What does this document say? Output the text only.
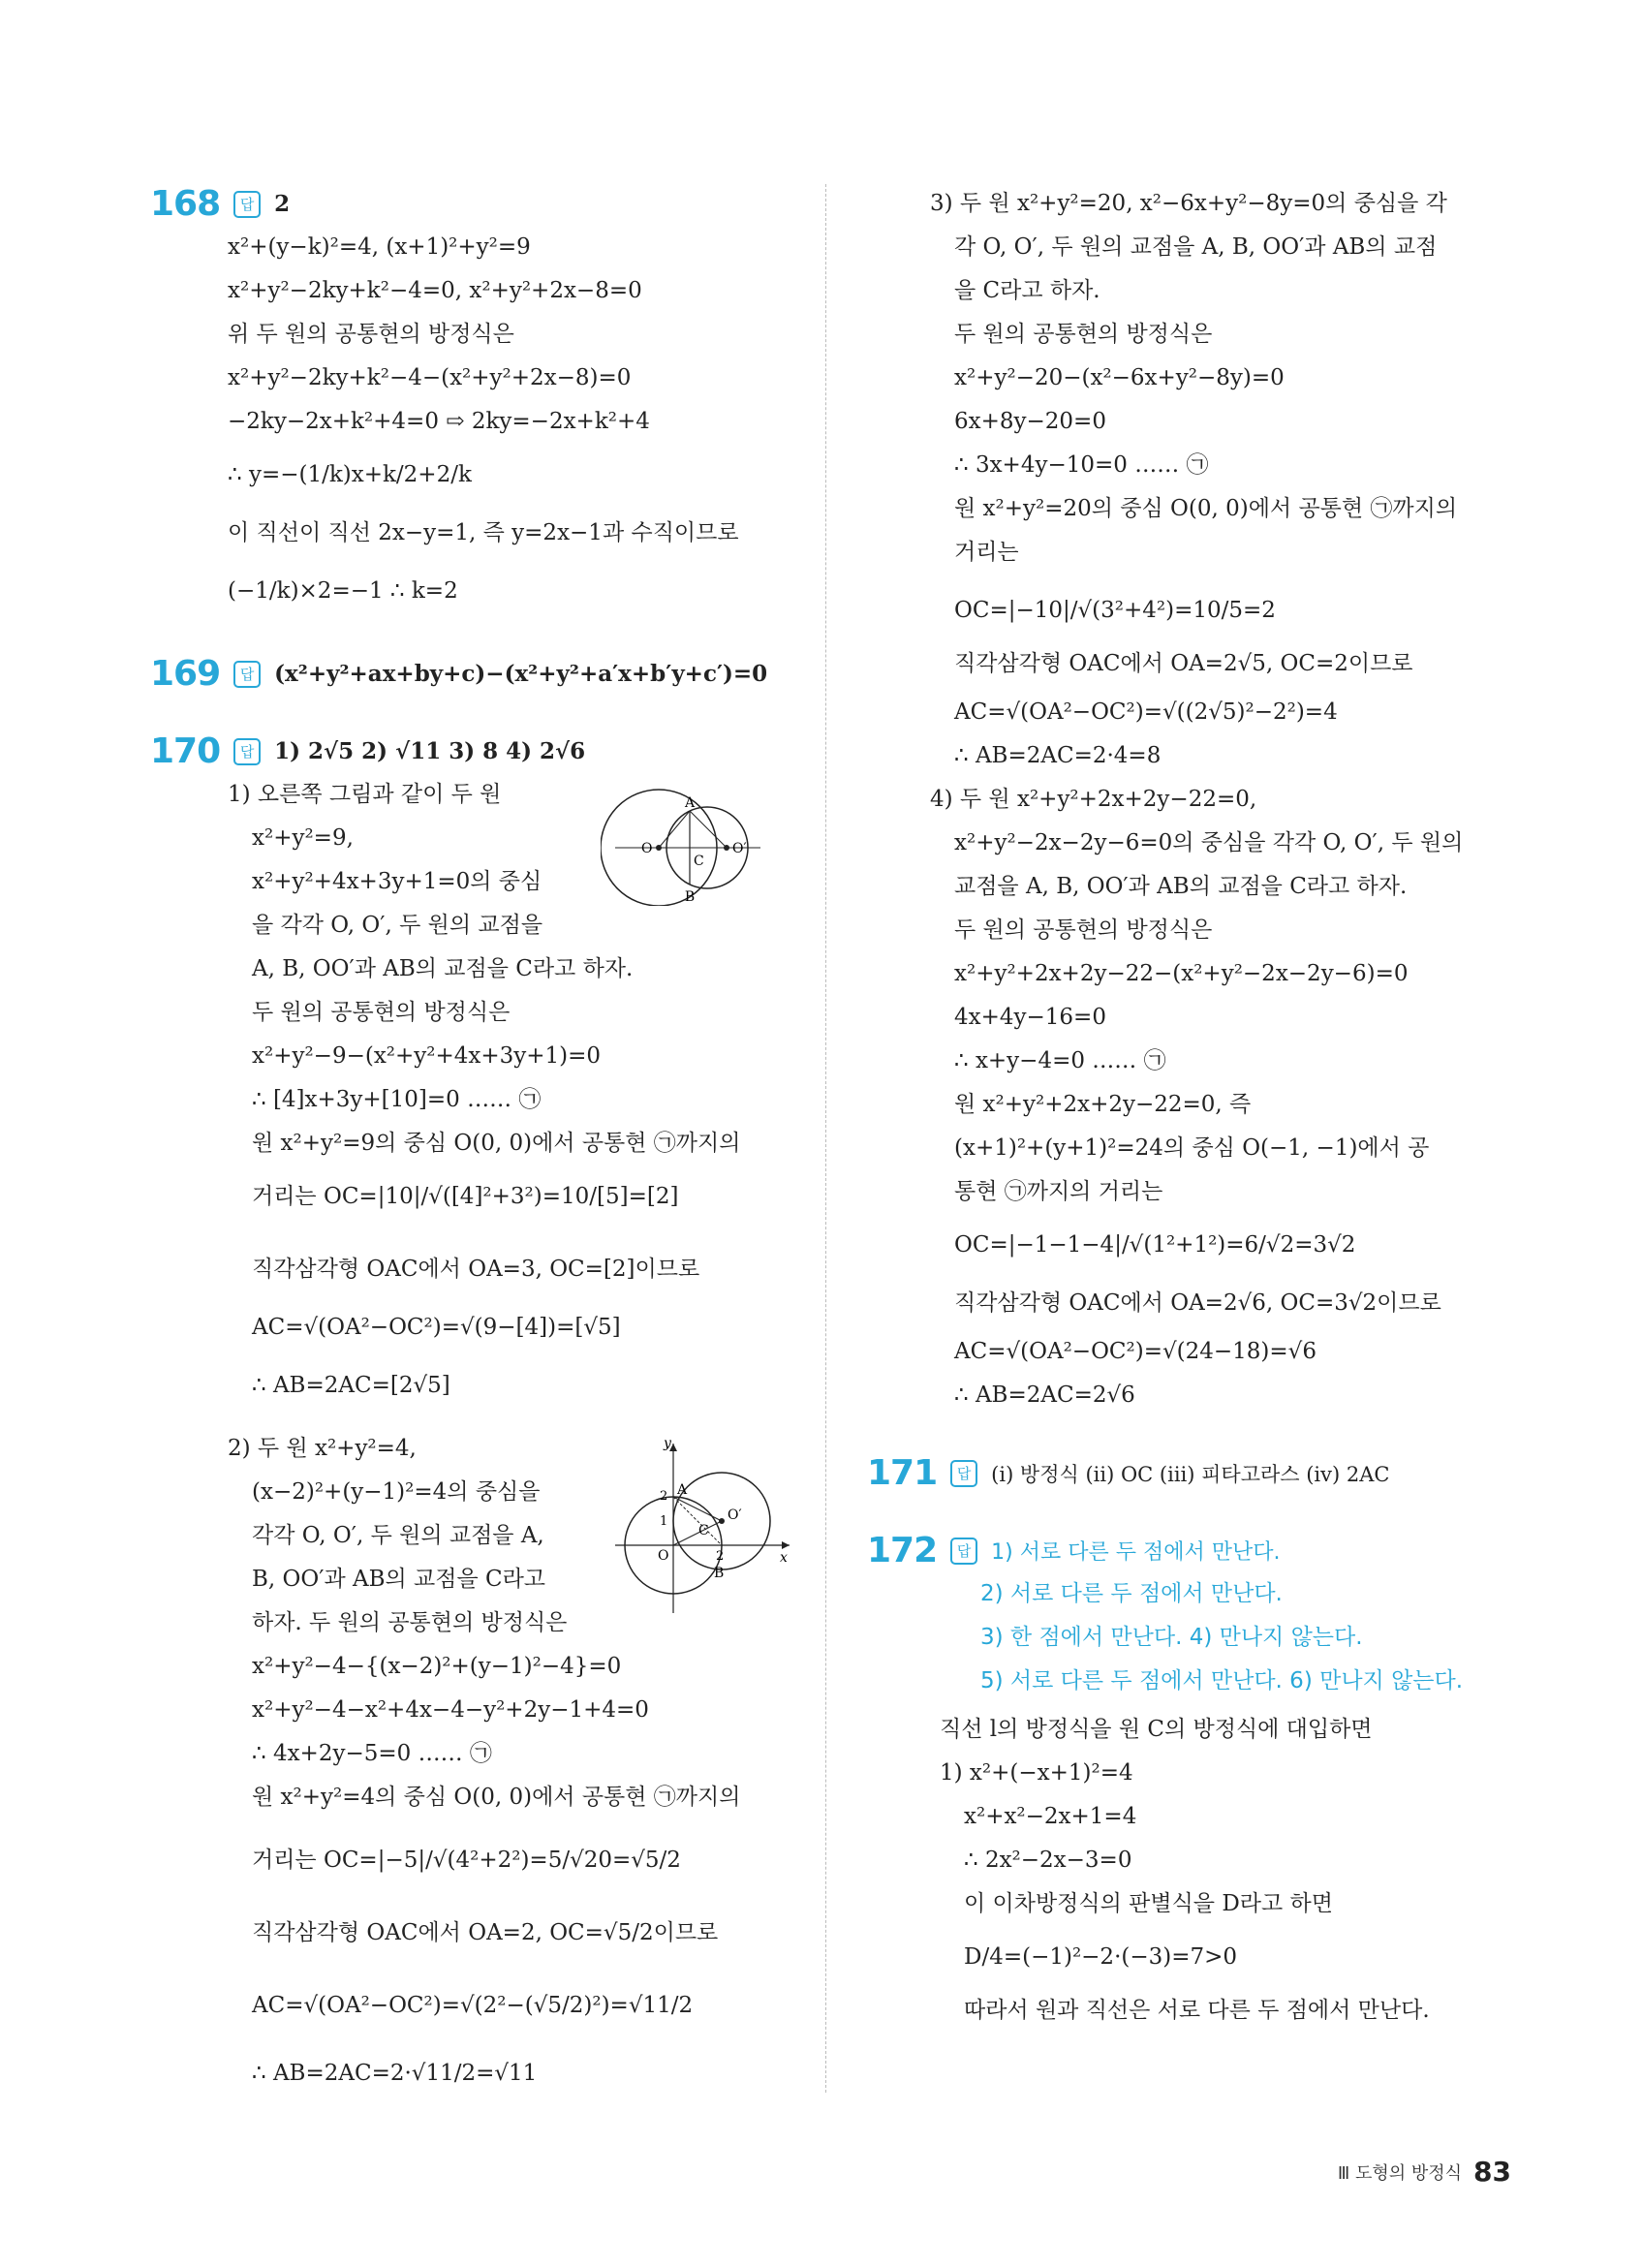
168	답 2
x²+(y−k)²=4, (x+1)²+y²=9
x²+y²−2ky+k²−4=0, x²+y²+2x−8=0
위 두 원의 공통현의 방정식은
x²+y²−2ky+k²−4−(x²+y²+2x−8)=0
−2ky−2x+k²+4=0 ⇨ 2ky=−2x+k²+4
∴ y=−(1/k)x+k/2+2/k
이 직선이 직선 2x−y=1, 즉 y=2x−1과 수직이므로
(−1/k)×2=−1 ∴ k=2
169	답 (x²+y²+ax+by+c)−(x²+y²+a′x+b′y+c′)=0
170	답 1) 2√5 2) √11 3) 8 4) 2√6
1) 오른쪽 그림과 같이 두 원
x²+y²=9,
x²+y²+4x+3y+1=0의 중심
을 각각 O, O′, 두 원의 교점을
A, B, OO′과 AB의 교점을 C라고 하자.
두 원의 공통현의 방정식은
x²+y²−9−(x²+y²+4x+3y+1)=0
∴ [4]x+3y+[10]=0 …… ㉠
원 x²+y²=9의 중심 O(0, 0)에서 공통현 ㉠까지의
거리는 OC=|10|/√([4]²+3²)=10/[5]=[2]
직각삼각형 OAC에서 OA=3, OC=[2]이므로
AC=√(OA²−OC²)=√(9−[4])=[√5]
∴ AB=2AC=[2√5]
A
O	O′
C
B
2) 두 원 x²+y²=4,
(x−2)²+(y−1)²=4의 중심을
각각 O, O′, 두 원의 교점을 A,
B, OO′과 AB의 교점을 C라고
하자. 두 원의 공통현의 방정식은
x²+y²−4−{(x−2)²+(y−1)²−4}=0
x²+y²−4−x²+4x−4−y²+2y−1+4=0
∴ 4x+2y−5=0 …… ㉠
원 x²+y²=4의 중심 O(0, 0)에서 공통현 ㉠까지의
거리는 OC=|−5|/√(4²+2²)=5/√20=√5/2
직각삼각형 OAC에서 OA=2, OC=√5/2이므로
AC=√(OA²−OC²)=√(2²−(√5/2)²)=√11/2
∴ AB=2AC=2·√11/2=√11
y
2 A
1	O′
C
O	2	x
B
3) 두 원 x²+y²=20, x²−6x+y²−8y=0의 중심을 각
각 O, O′, 두 원의 교점을 A, B, OO′과 AB의 교점
을 C라고 하자.
두 원의 공통현의 방정식은
x²+y²−20−(x²−6x+y²−8y)=0
6x+8y−20=0
∴ 3x+4y−10=0 …… ㉠
원 x²+y²=20의 중심 O(0, 0)에서 공통현 ㉠까지의
거리는
OC=|−10|/√(3²+4²)=10/5=2
직각삼각형 OAC에서 OA=2√5, OC=2이므로
AC=√(OA²−OC²)=√((2√5)²−2²)=4
∴ AB=2AC=2·4=8
4) 두 원 x²+y²+2x+2y−22=0,
x²+y²−2x−2y−6=0의 중심을 각각 O, O′, 두 원의
교점을 A, B, OO′과 AB의 교점을 C라고 하자.
두 원의 공통현의 방정식은
x²+y²+2x+2y−22−(x²+y²−2x−2y−6)=0
4x+4y−16=0
∴ x+y−4=0 …… ㉠
원 x²+y²+2x+2y−22=0, 즉
(x+1)²+(y+1)²=24의 중심 O(−1, −1)에서 공
통현 ㉠까지의 거리는
OC=|−1−1−4|/√(1²+1²)=6/√2=3√2
직각삼각형 OAC에서 OA=2√6, OC=3√2이므로
AC=√(OA²−OC²)=√(24−18)=√6
∴ AB=2AC=2√6
171	답 (ⅰ) 방정식 (ⅱ) OC (ⅲ) 피타고라스 (ⅳ) 2AC
172	답 1) 서로 다른 두 점에서 만난다.
2) 서로 다른 두 점에서 만난다.
3) 한 점에서 만난다. 4) 만나지 않는다.
5) 서로 다른 두 점에서 만난다. 6) 만나지 않는다.
직선 l의 방정식을 원 C의 방정식에 대입하면
1) x²+(−x+1)²=4
x²+x²−2x+1=4
∴ 2x²−2x−3=0
이 이차방정식의 판별식을 D라고 하면
D/4=(−1)²−2·(−3)=7>0
따라서 원과 직선은 서로 다른 두 점에서 만난다.
Ⅲ 도형의 방정식 83
